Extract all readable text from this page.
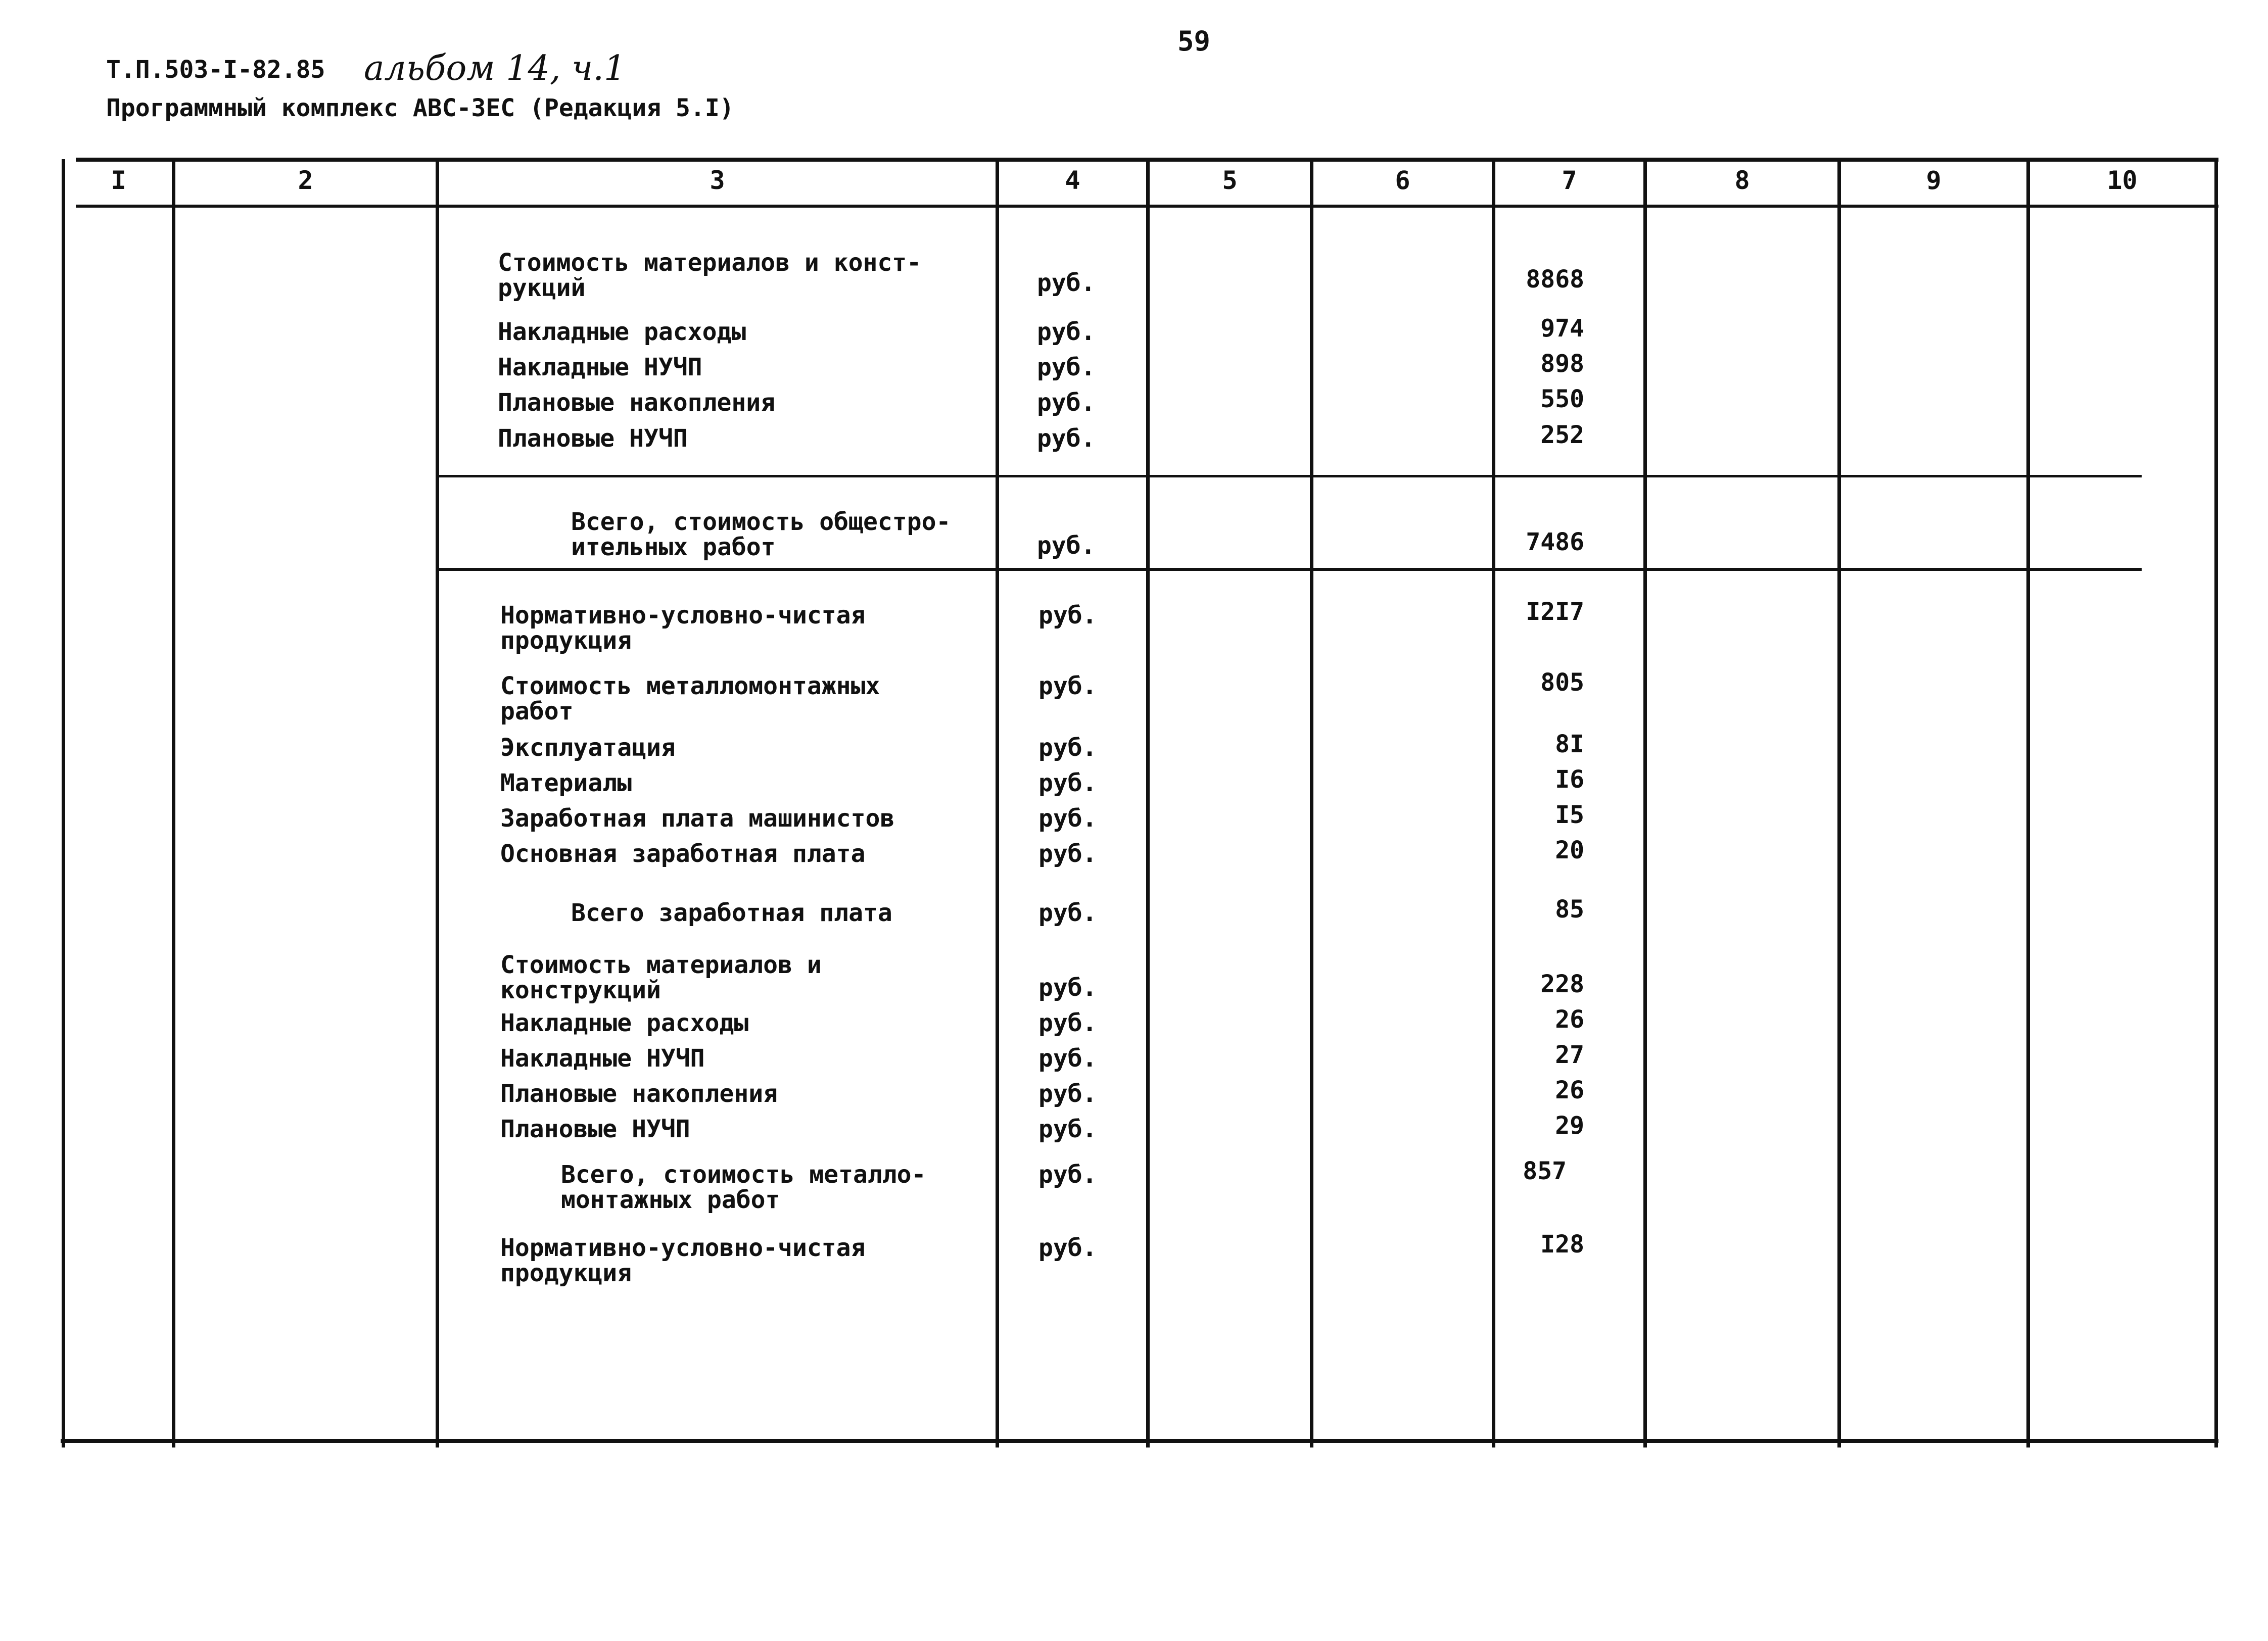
59
Т.П.503-I-82.85 альбом 14, ч.1
Программный комплекс АВС-ЗЕС (Редакция 5.I)
I	2	3	4	5	6	7	8	9	10
Стоимость материалов и конст-
рукций	руб.	8868
Накладные расходы	руб.	974
Накладные НУЧП	руб.	898
Плановые накопления	руб.	550
Плановые НУЧП	руб.	252
Всего, стоимость общестро-
ительных работ	руб.	7486
Нормативно-условно-чистая
продукция
руб.	I2I7
Стоимость металломонтажных
работ
руб.	805
Эксплуатация	руб.	8I
Материалы	руб.	I6
Заработная плата машинистов	руб.	I5
Основная заработная плата	руб.	20
Всего заработная плата	руб.	85
Стоимость материалов и
конструкций	руб.	228
Накладные расходы	руб.	26
Накладные НУЧП	руб.	27
Плановые накопления	руб.	26
Плановые НУЧП	руб.	29
Всего, стоимость металло-
монтажных работ
руб.	857
Нормативно-условно-чистая
продукция
руб.	I28
